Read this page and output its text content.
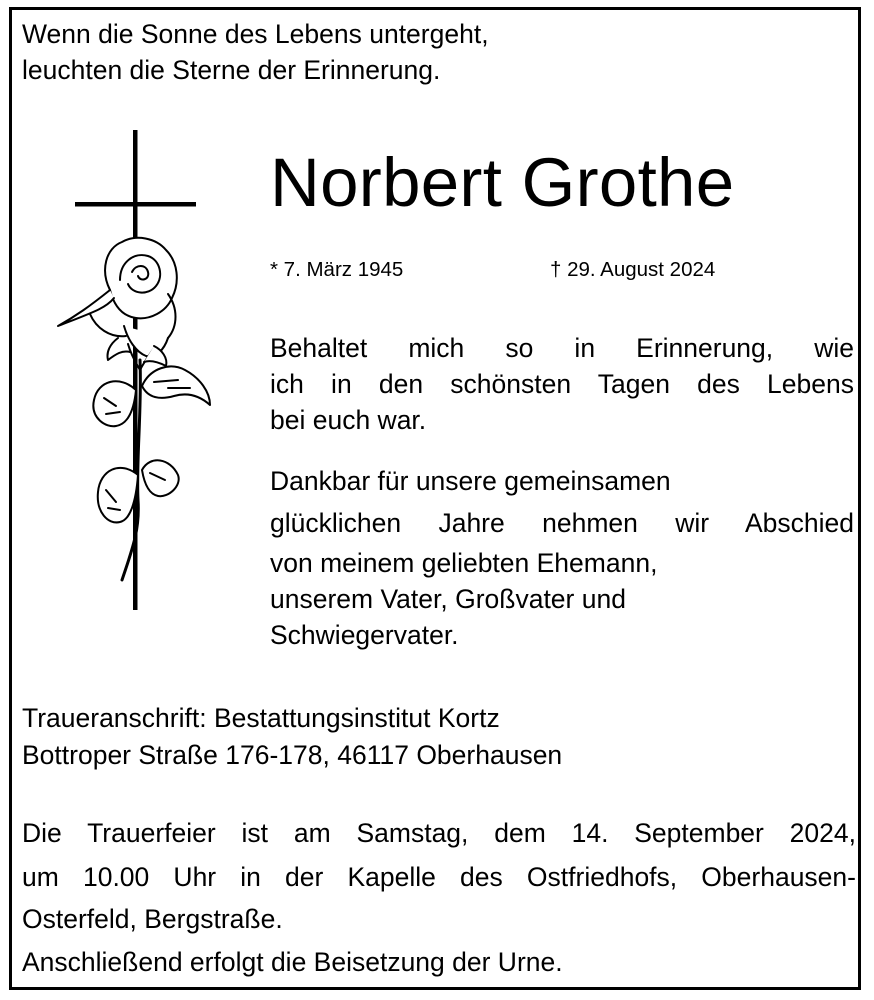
Wenn die Sonne des Lebens untergeht,
leuchten die Sterne der Erinnerung.
Norbert Grothe
* 7. März 1945	† 29. August 2024
Behaltet mich so in Erinnerung, wie
ich in den schönsten Tagen des Lebens
bei euch war.
Dankbar für unsere gemeinsamen
glücklichen Jahre nehmen wir Abschied
von meinem geliebten Ehemann,
unserem Vater, Großvater und
Schwiegervater.
Traueranschrift: Bestattungsinstitut Kortz
Bottroper Straße 176-178, 46117 Oberhausen
Die Trauerfeier ist am Samstag, dem 14. September 2024,
um 10.00 Uhr in der Kapelle des Ostfriedhofs, Oberhausen-
Osterfeld, Bergstraße.
Anschließend erfolgt die Beisetzung der Urne.
